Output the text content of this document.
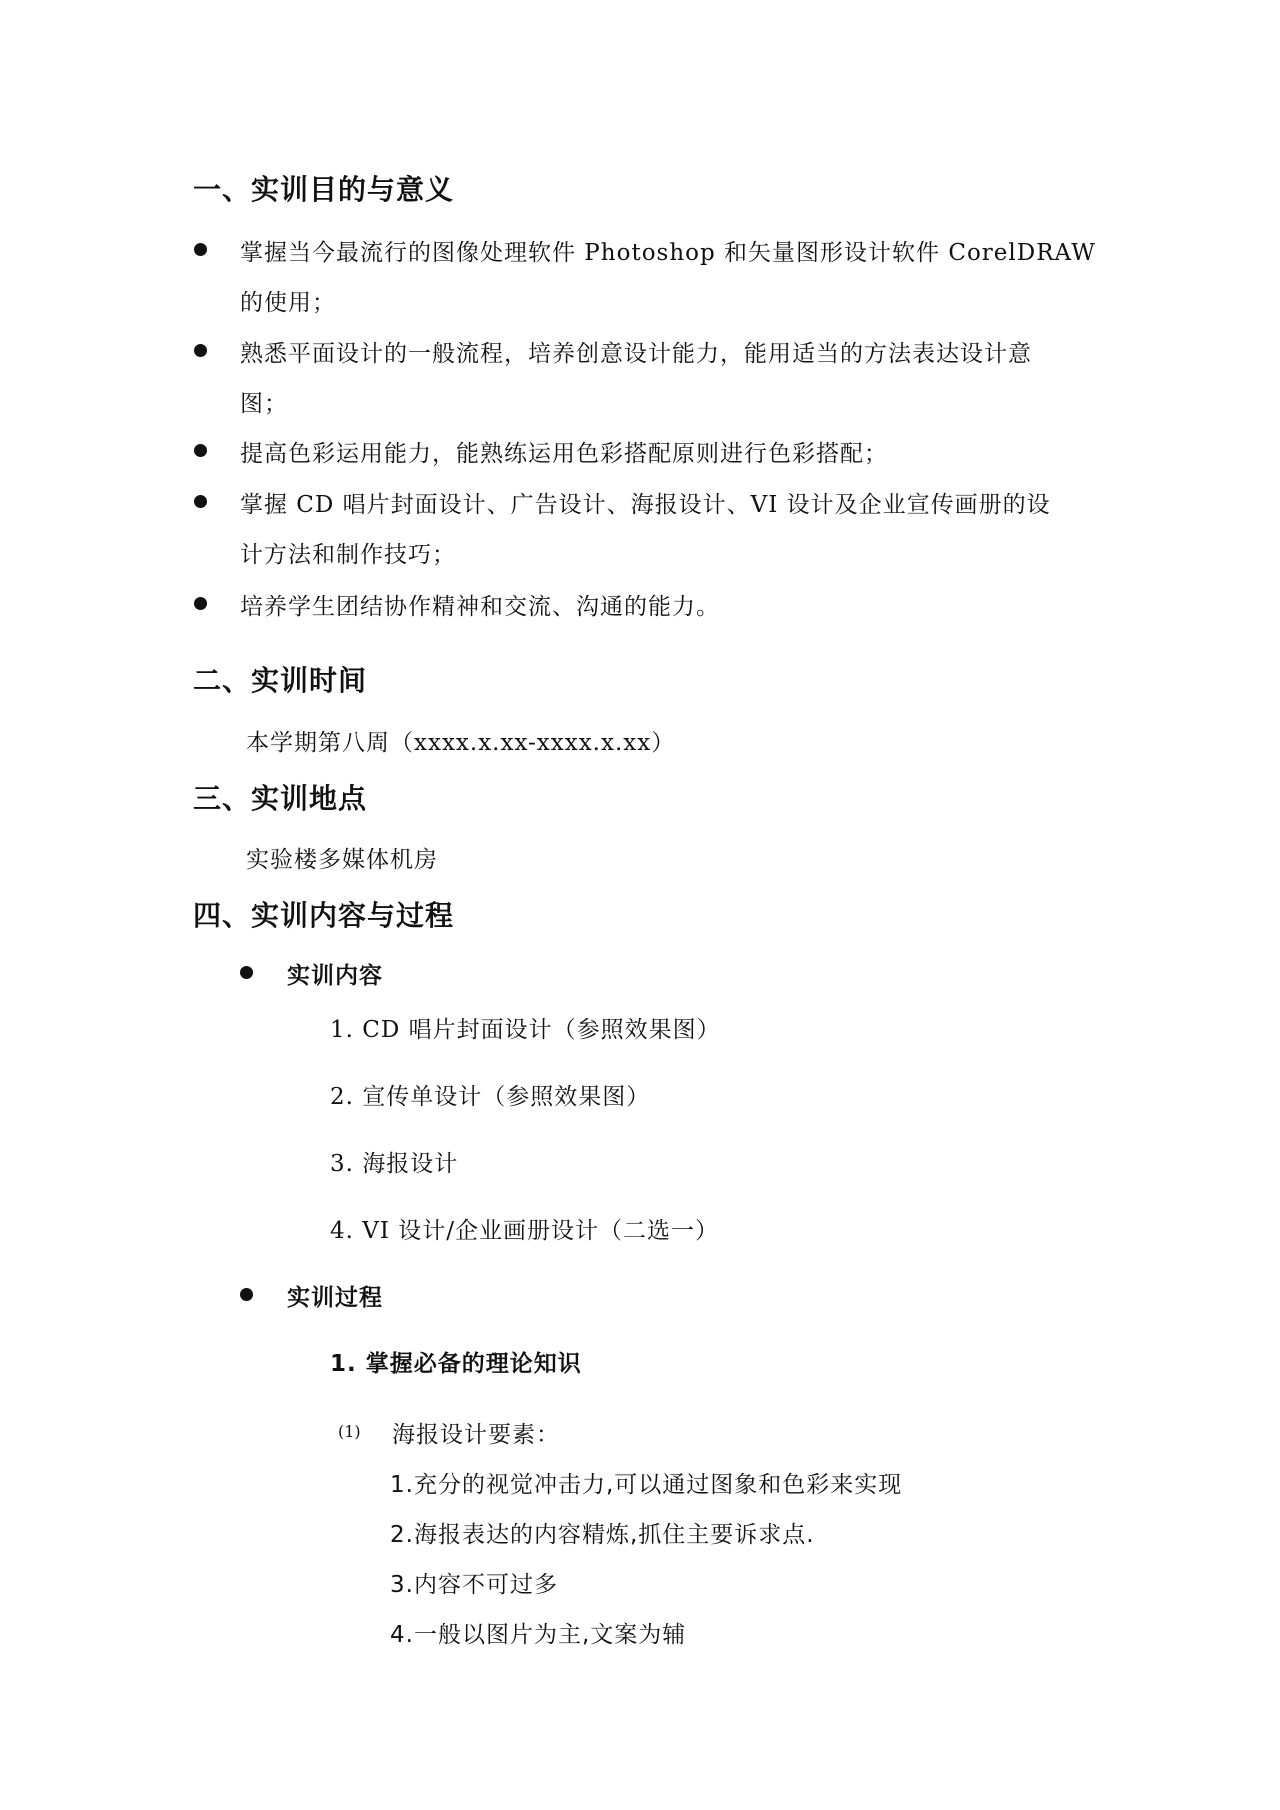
一、实训目的与意义
掌握当今最流行的图像处理软件 Photoshop 和矢量图形设计软件 CorelDRAW
的使用；
熟悉平面设计的一般流程，培养创意设计能力，能用适当的方法表达设计意
图；
提高色彩运用能力，能熟练运用色彩搭配原则进行色彩搭配；
掌握 CD 唱片封面设计、广告设计、海报设计、VI 设计及企业宣传画册的设
计方法和制作技巧；
培养学生团结协作精神和交流、沟通的能力。
二、实训时间
本学期第八周（xxxx.x.xx-xxxx.x.xx）
三、实训地点
实验楼多媒体机房
四、实训内容与过程
实训内容
1. CD 唱片封面设计（参照效果图）
2. 宣传单设计（参照效果图）
3. 海报设计
4. VI 设计/企业画册设计（二选一）
实训过程
1. 掌握必备的理论知识
(1) 海报设计要素：
1.充分的视觉冲击力,可以通过图象和色彩来实现
2.海报表达的内容精炼,抓住主要诉求点.
3.内容不可过多
4.一般以图片为主,文案为辅
